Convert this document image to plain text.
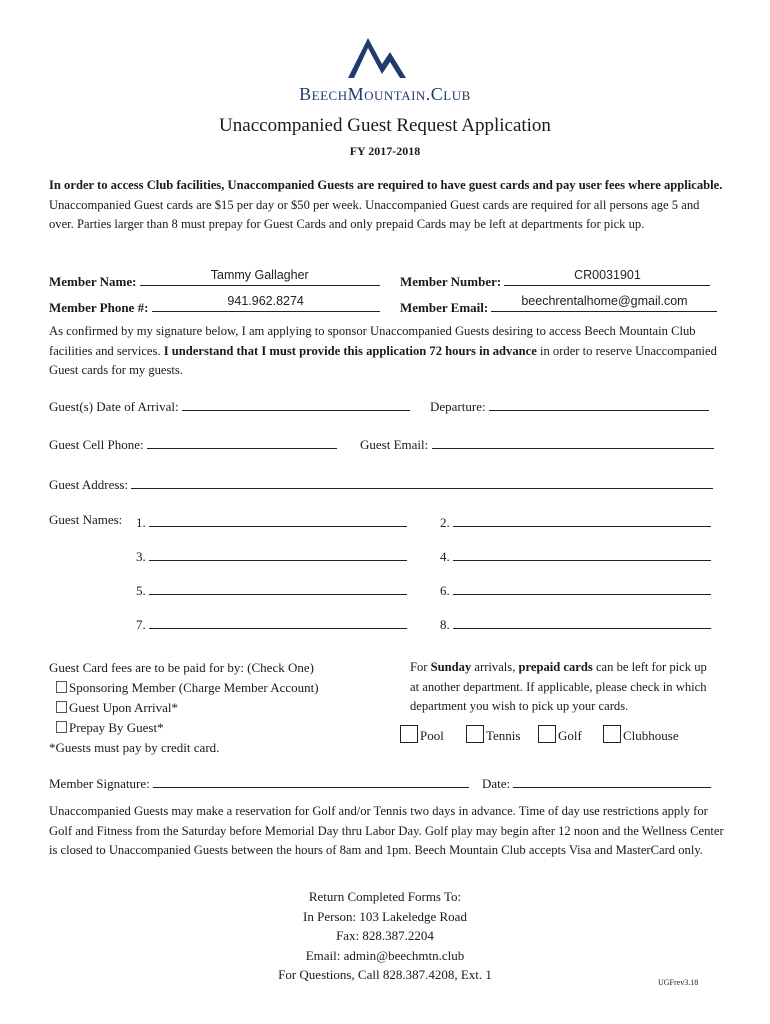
BeechMountain.Club
Unaccompanied Guest Request Application
FY 2017-2018
In order to access Club facilities, Unaccompanied Guests are required to have guest cards and pay user fees where applicable. Unaccompanied Guest cards are $15 per day or $50 per week. Unaccompanied Guest cards are required for all persons age 5 and over. Parties larger than 8 must prepay for Guest Cards and only prepaid Cards may be left at departments for pick up.
Member Name:	Tammy Gallagher	Member Number:	CR0031901
Member Phone #:	941.962.8274	Member Email:	beechrentalhome@gmail.com
As confirmed by my signature below, I am applying to sponsor Unaccompanied Guests desiring to access Beech Mountain Club facilities and services. I understand that I must provide this application 72 hours in advance in order to reserve Unaccompanied Guest cards for my guests.
Guest(s) Date of Arrival:	Departure:
Guest Cell Phone:	Guest Email:
Guest Address:
Guest Names: 1.	2.
3.	4.
5.	6.
7.	8.
Guest Card fees are to be paid for by: (Check One)
Sponsoring Member (Charge Member Account)
Guest Upon Arrival*
Prepay By Guest*
*Guests must pay by credit card.
For Sunday arrivals, prepaid cards can be left for pick up at another department. If applicable, please check in which department you wish to pick up your cards.
Pool	Tennis	Golf	Clubhouse
Member Signature:	Date:
Unaccompanied Guests may make a reservation for Golf and/or Tennis two days in advance. Time of day use restrictions apply for Golf and Fitness from the Saturday before Memorial Day thru Labor Day. Golf play may begin after 12 noon and the Wellness Center is closed to Unaccompanied Guests between the hours of 8am and 1pm. Beech Mountain Club accepts Visa and MasterCard only.
Return Completed Forms To:
In Person: 103 Lakeledge Road
Fax: 828.387.2204
Email: admin@beechmtn.club
For Questions, Call 828.387.4208, Ext. 1
UGFrev3.18
